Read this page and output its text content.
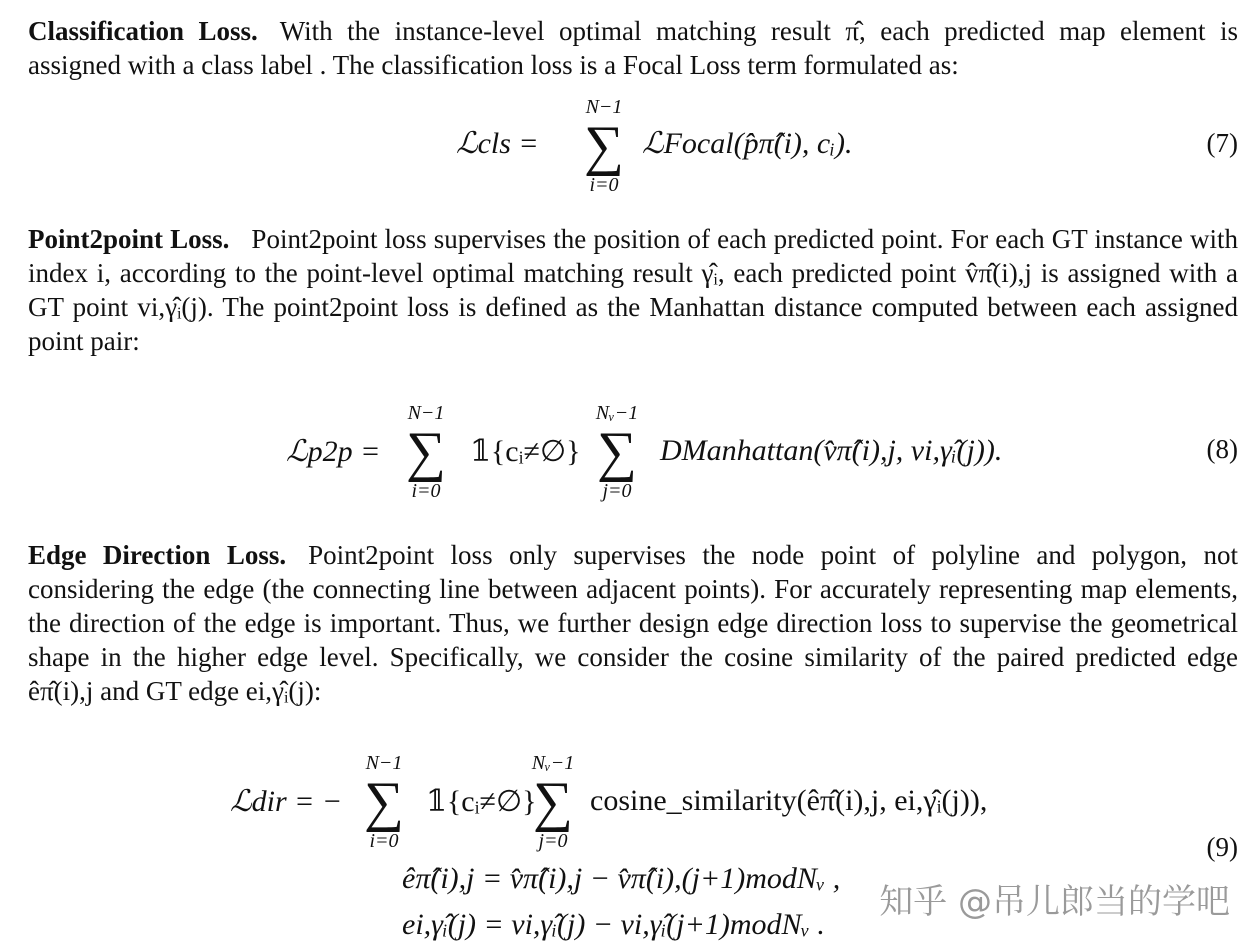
Classification Loss. With the instance-level optimal matching result π̂, each predicted map element is assigned with a class label . The classification loss is a Focal Loss term formulated as:

ℒcls =
N−1
∑
i=0
ℒFocal(p̂π̂(i), cᵢ).	(7)

Point2point Loss. Point2point loss supervises the position of each predicted point. For each GT instance with index i, according to the point-level optimal matching result γ̂ᵢ, each predicted point v̂π̂(i),j is assigned with a GT point vi,γ̂ᵢ(j). The point2point loss is defined as the Manhattan distance computed between each assigned point pair:

ℒp2p =
N−1
∑
i=0
𝟙{cᵢ≠∅}
Nᵥ−1
∑
j=0
DManhattan(v̂π̂(i),j, vi,γ̂ᵢ(j)).	(8)

Edge Direction Loss. Point2point loss only supervises the node point of polyline and polygon, not considering the edge (the connecting line between adjacent points). For accurately representing map elements, the direction of the edge is important. Thus, we further design edge direction loss to supervise the geometrical shape in the higher edge level. Specifically, we consider the cosine similarity of the paired predicted edge êπ̂(i),j and GT edge ei,γ̂ᵢ(j):

ℒdir = −
N−1
∑
i=0
𝟙{cᵢ≠∅}
Nᵥ−1
∑
j=0
cosine_similarity(êπ̂(i),j, ei,γ̂ᵢ(j)),
êπ̂(i),j = v̂π̂(i),j − v̂π̂(i),(j+1)modNᵥ ,
ei,γ̂ᵢ(j) = vi,γ̂ᵢ(j) − vi,γ̂ᵢ(j+1)modNᵥ .
(9)
知乎 @吊儿郎当的学吧
